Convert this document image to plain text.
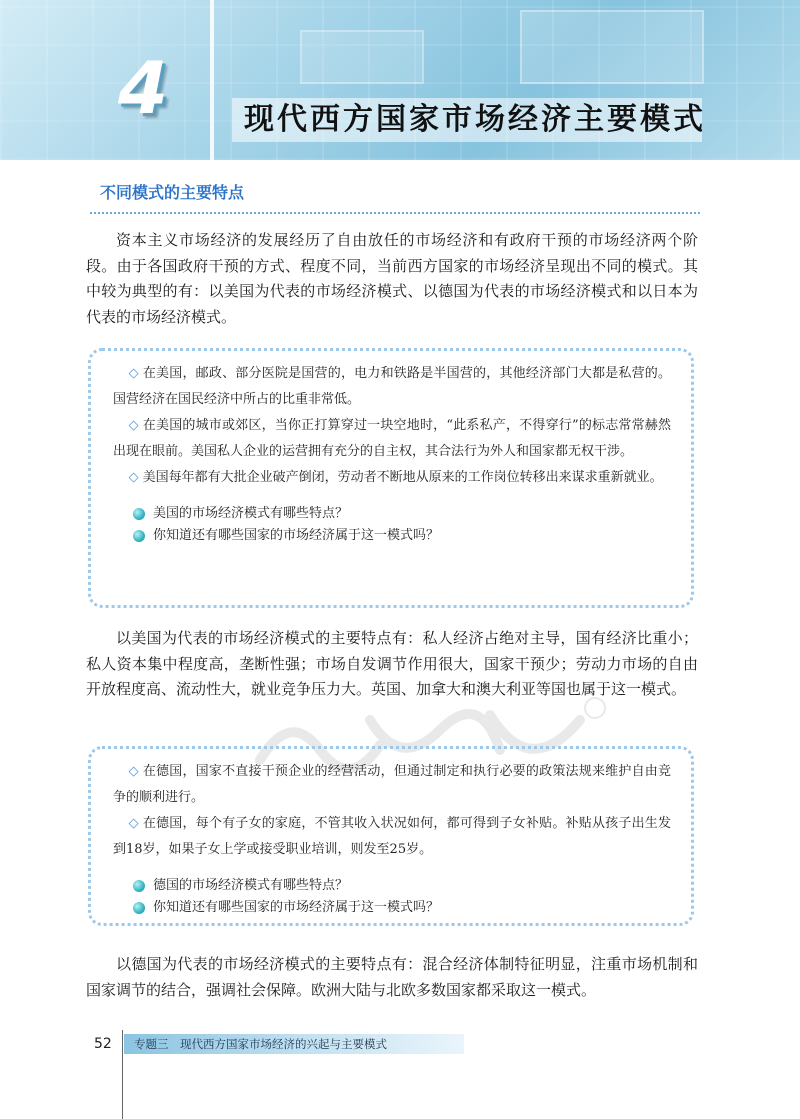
4	现代西方国家市场经济主要模式
不同模式的主要特点

资本主义市场经济的发展经历了自由放任的市场经济和有政府干预的市场经济两个阶段。由于各国政府干预的方式、程度不同，当前西方国家的市场经济呈现出不同的模式。其中较为典型的有：以美国为代表的市场经济模式、以德国为代表的市场经济模式和以日本为代表的市场经济模式。

◇ 在美国，邮政、部分医院是国营的，电力和铁路是半国营的，其他经济部门大都是私营的。国营经济在国民经济中所占的比重非常低。

◇ 在美国的城市或郊区，当你正打算穿过一块空地时，“此系私产，不得穿行”的标志常常赫然出现在眼前。美国私人企业的运营拥有充分的自主权，其合法行为外人和国家都无权干涉。

◇ 美国每年都有大批企业破产倒闭，劳动者不断地从原来的工作岗位转移出来谋求重新就业。

美国的市场经济模式有哪些特点？

你知道还有哪些国家的市场经济属于这一模式吗？

以美国为代表的市场经济模式的主要特点有：私人经济占绝对主导，国有经济比重小；私人资本集中程度高，垄断性强；市场自发调节作用很大，国家干预少；劳动力市场的自由开放程度高、流动性大，就业竞争压力大。英国、加拿大和澳大利亚等国也属于这一模式。

◇ 在德国，国家不直接干预企业的经营活动，但通过制定和执行必要的政策法规来维护自由竞争的顺利进行。

◇ 在德国，每个有子女的家庭，不管其收入状况如何，都可得到子女补贴。补贴从孩子出生发到18岁，如果子女上学或接受职业培训，则发至25岁。

德国的市场经济模式有哪些特点？

你知道还有哪些国家的市场经济属于这一模式吗？

以德国为代表的市场经济模式的主要特点有：混合经济体制特征明显，注重市场机制和国家调节的结合，强调社会保障。欧洲大陆与北欧多数国家都采取这一模式。

52 专题三　现代西方国家市场经济的兴起与主要模式
